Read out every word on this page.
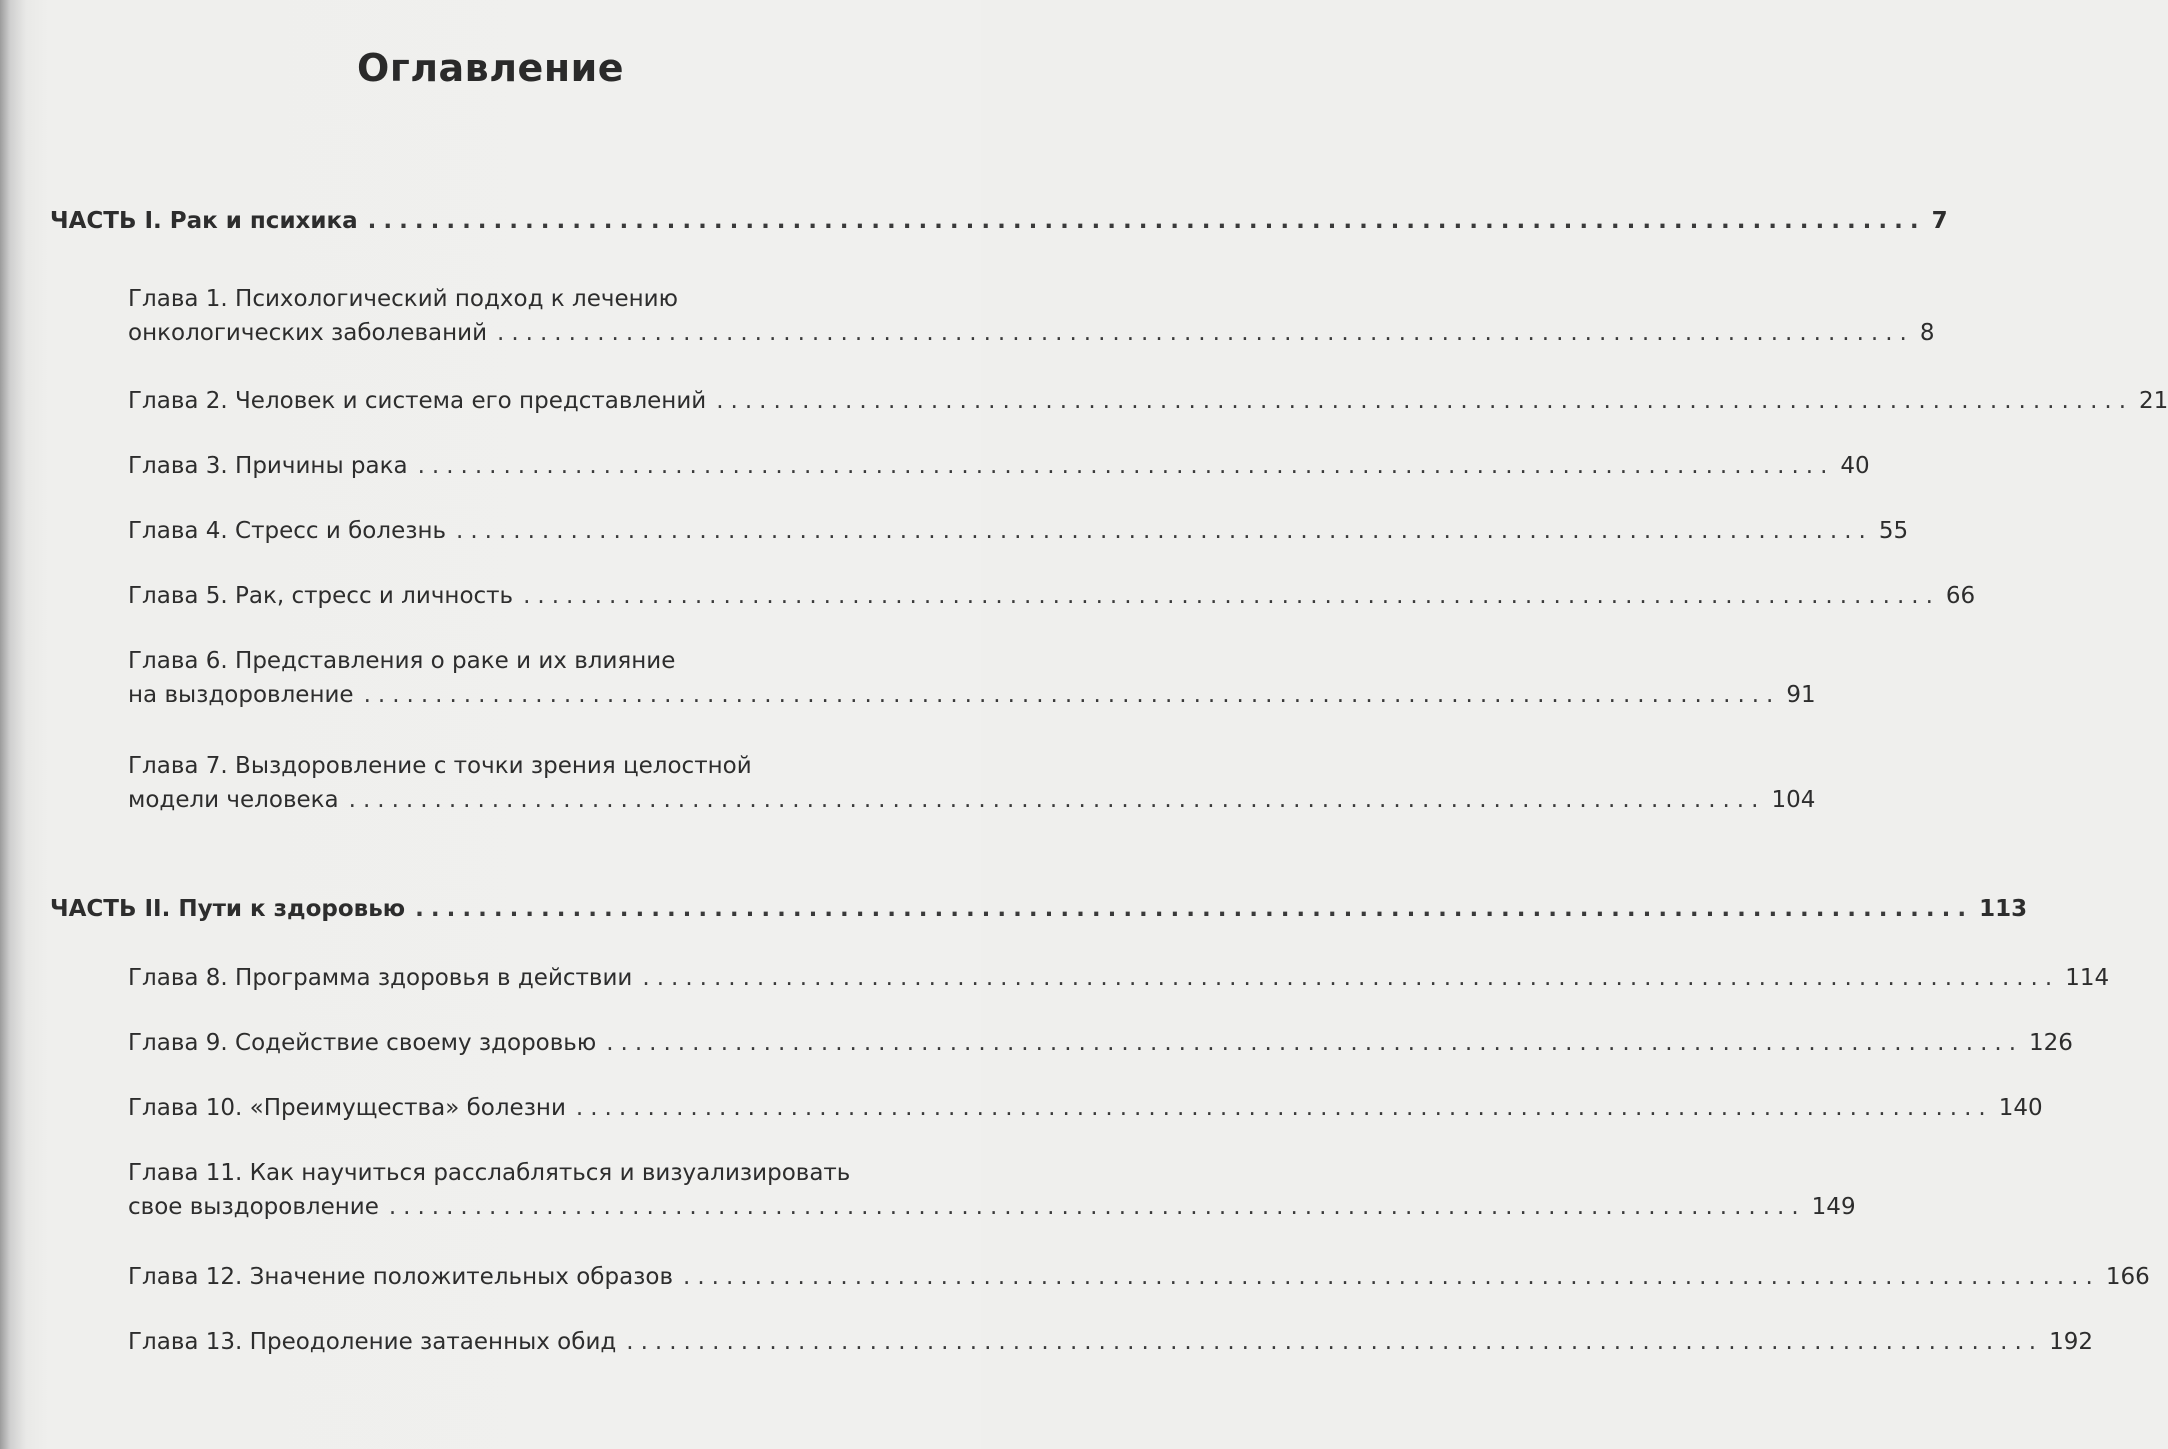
Оглавление
ЧАСТЬ I. Рак и психика ................................................................................................... 7
Глава 1. Психологический подход к лечению
онкологических заболеваний ................................................................................................... 8
Глава 2. Человек и система его представлений ................................................................................................... 21
Глава 3. Причины рака ................................................................................................... 40
Глава 4. Стресс и болезнь ................................................................................................... 55
Глава 5. Рак, стресс и личность ................................................................................................... 66
Глава 6. Представления о раке и их влияние
на выздоровление ................................................................................................... 91
Глава 7. Выздоровление с точки зрения целостной
модели человека ................................................................................................... 104
ЧАСТЬ II. Пути к здоровью ................................................................................................... 113
Глава 8. Программа здоровья в действии ................................................................................................... 114
Глава 9. Содействие своему здоровью ................................................................................................... 126
Глава 10. «Преимущества» болезни ................................................................................................... 140
Глава 11. Как научиться расслабляться и визуализировать
свое выздоровление ................................................................................................... 149
Глава 12. Значение положительных образов ................................................................................................... 166
Глава 13. Преодоление затаенных обид ................................................................................................... 192
